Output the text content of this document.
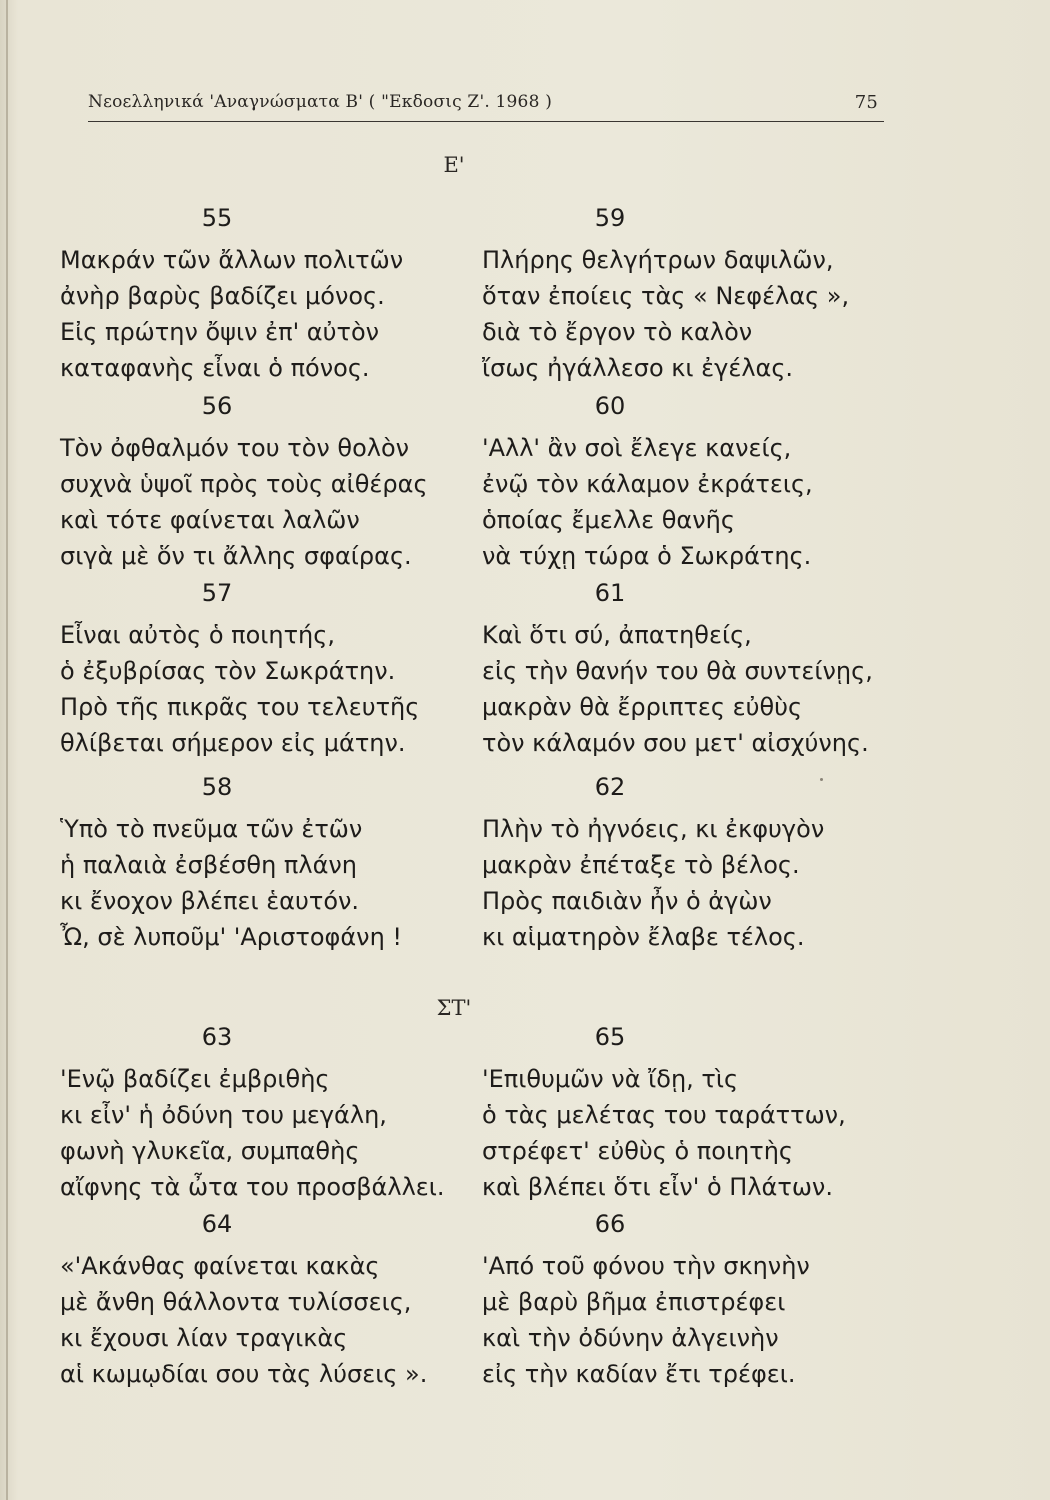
Νεοελληνικά 'Αναγνώσματα Β' ( "Εκδοσις Ζ'. 1968 )	75
Ε'
55
Μακράν τῶν ἄλλων πολιτῶν
ἀνὴρ βαρὺς βαδίζει μόνος.
Εἰς πρώτην ὄψιν ἐπ' αὐτὸν
καταφανὴς εἶναι ὁ πόνος.
56
Τὸν ὀφθαλμόν του τὸν θολὸν
συχνὰ ὑψοῖ πρὸς τοὺς αἰθέρας
καὶ τότε φαίνεται λαλῶν
σιγὰ μὲ ὅν τι ἄλλης σφαίρας.
57
Εἶναι αὐτὸς ὁ ποιητής,
ὁ ἐξυβρίσας τὸν Σωκράτην.
Πρὸ τῆς πικρᾶς του τελευτῆς
θλίβεται σήμερον εἰς μάτην.
58
Ὑπὸ τὸ πνεῦμα τῶν ἐτῶν
ἡ παλαιὰ ἐσβέσθη πλάνη
κι ἔνοχον βλέπει ἑαυτόν.
Ὦ, σὲ λυποῦμ' 'Αριστοφάνη !
59
Πλήρης θελγήτρων δαψιλῶν,
ὅταν ἐποίεις τὰς « Νεφέλας »,
διὰ τὸ ἔργον τὸ καλὸν
ἴσως ἠγάλλεσο κι ἐγέλας.
60
'Αλλ' ἂν σοὶ ἔλεγε κανείς,
ἐνῷ τὸν κάλαμον ἐκράτεις,
ὁποίας ἔμελλε θανῆς
νὰ τύχῃ τώρα ὁ Σωκράτης.
61
Καὶ ὅτι σύ, ἀπατηθείς,
εἰς τὴν θανήν του θὰ συντείνῃς,
μακρὰν θὰ ἔρριπτες εὐθὺς
τὸν κάλαμόν σου μετ' αἰσχύνης.
62
Πλὴν τὸ ἠγνόεις, κι ἐκφυγὸν
μακρὰν ἐπέταξε τὸ βέλος.
Πρὸς παιδιὰν ἦν ὁ ἀγὼν
κι αἱματηρὸν ἔλαβε τέλος.
ΣΤ'
63
'Ενῷ βαδίζει ἐμβριθὴς
κι εἶν' ἡ ὀδύνη του μεγάλη,
φωνὴ γλυκεῖα, συμπαθὴς
αἴφνης τὰ ὦτα του προσβάλλει.
64
«'Ακάνθας φαίνεται κακὰς
μὲ ἄνθη θάλλοντα τυλίσσεις,
κι ἔχουσι λίαν τραγικὰς
αἱ κωμῳδίαι σου τὰς λύσεις ».
65
'Επιθυμῶν νὰ ἴδῃ, τὶς
ὁ τὰς μελέτας του ταράττων,
στρέφετ' εὐθὺς ὁ ποιητὴς
καὶ βλέπει ὅτι εἶν' ὁ Πλάτων.
66
'Από τοῦ φόνου τὴν σκηνὴν
μὲ βαρὺ βῆμα ἐπιστρέφει
καὶ τὴν ὀδύνην ἀλγεινὴν
εἰς τὴν καδίαν ἔτι τρέφει.
